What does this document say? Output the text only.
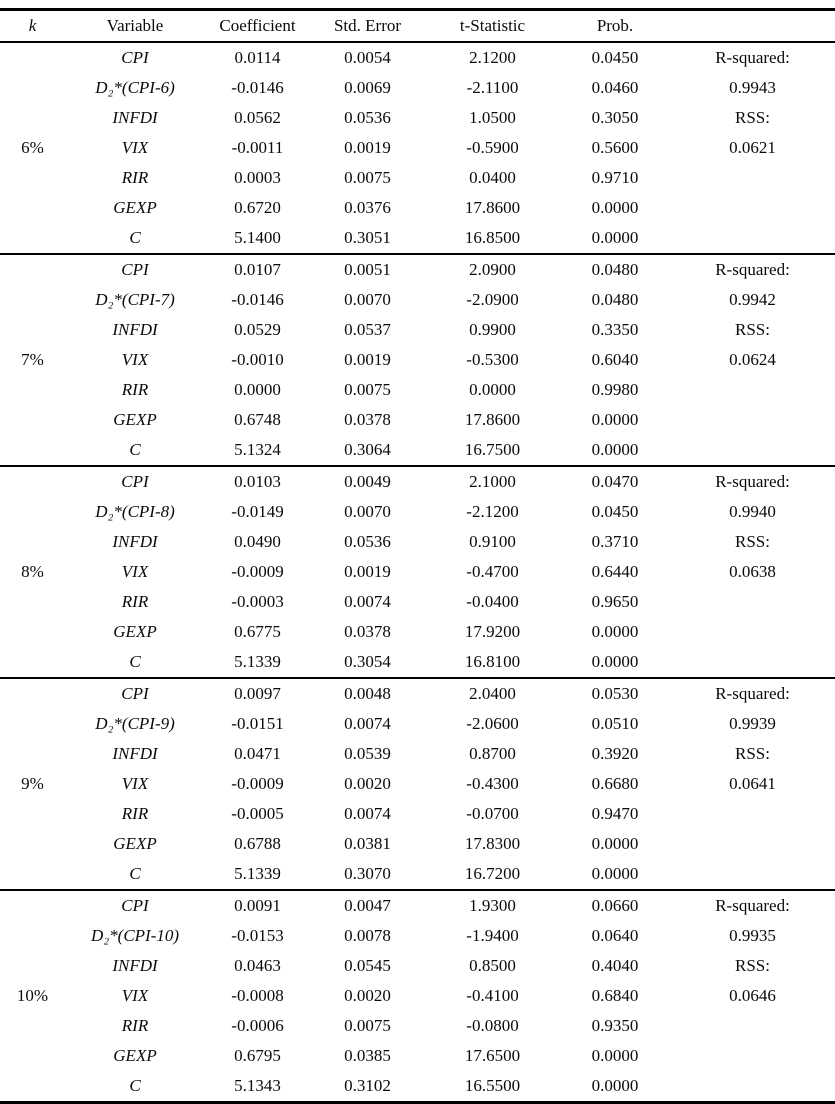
k	Variable	Coefficient	Std. Error	t-Statistic	Prob.	
	CPI	0.0114	0.0054	2.1200	0.0450	R-squared:
	D₂*(CPI-6)	-0.0146	0.0069	-2.1100	0.0460	0.9943
	INFDI	0.0562	0.0536	1.0500	0.3050	RSS:
6%	VIX	-0.0011	0.0019	-0.5900	0.5600	0.0621
	RIR	0.0003	0.0075	0.0400	0.9710	
	GEXP	0.6720	0.0376	17.8600	0.0000	
	C	5.1400	0.3051	16.8500	0.0000	
	CPI	0.0107	0.0051	2.0900	0.0480	R-squared:
	D₂*(CPI-7)	-0.0146	0.0070	-2.0900	0.0480	0.9942
	INFDI	0.0529	0.0537	0.9900	0.3350	RSS:
7%	VIX	-0.0010	0.0019	-0.5300	0.6040	0.0624
	RIR	0.0000	0.0075	0.0000	0.9980	
	GEXP	0.6748	0.0378	17.8600	0.0000	
	C	5.1324	0.3064	16.7500	0.0000	
	CPI	0.0103	0.0049	2.1000	0.0470	R-squared:
	D₂*(CPI-8)	-0.0149	0.0070	-2.1200	0.0450	0.9940
	INFDI	0.0490	0.0536	0.9100	0.3710	RSS:
8%	VIX	-0.0009	0.0019	-0.4700	0.6440	0.0638
	RIR	-0.0003	0.0074	-0.0400	0.9650	
	GEXP	0.6775	0.0378	17.9200	0.0000	
	C	5.1339	0.3054	16.8100	0.0000	
	CPI	0.0097	0.0048	2.0400	0.0530	R-squared:
	D₂*(CPI-9)	-0.0151	0.0074	-2.0600	0.0510	0.9939
	INFDI	0.0471	0.0539	0.8700	0.3920	RSS:
9%	VIX	-0.0009	0.0020	-0.4300	0.6680	0.0641
	RIR	-0.0005	0.0074	-0.0700	0.9470	
	GEXP	0.6788	0.0381	17.8300	0.0000	
	C	5.1339	0.3070	16.7200	0.0000	
	CPI	0.0091	0.0047	1.9300	0.0660	R-squared:
	D₂*(CPI-10)	-0.0153	0.0078	-1.9400	0.0640	0.9935
	INFDI	0.0463	0.0545	0.8500	0.4040	RSS:
10%	VIX	-0.0008	0.0020	-0.4100	0.6840	0.0646
	RIR	-0.0006	0.0075	-0.0800	0.9350	
	GEXP	0.6795	0.0385	17.6500	0.0000	
	C	5.1343	0.3102	16.5500	0.0000	
